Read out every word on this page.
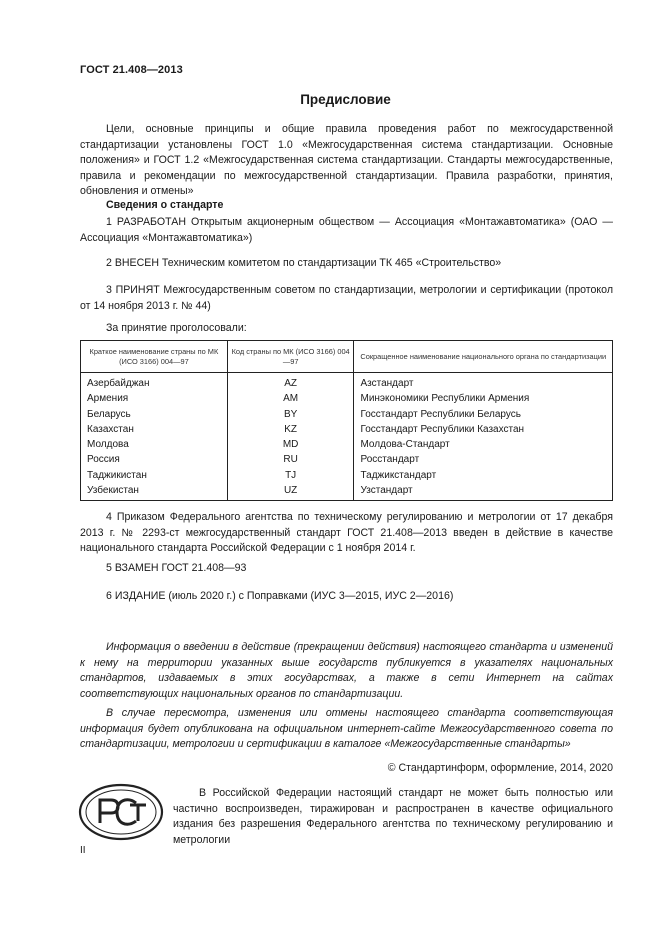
ГОСТ 21.408—2013
Предисловие
Цели, основные принципы и общие правила проведения работ по межгосударственной стандартизации установлены ГОСТ 1.0 «Межгосударственная система стандартизации. Основные положения» и ГОСТ 1.2 «Межгосударственная система стандартизации. Стандарты межгосударственные, правила и рекомендации по межгосударственной стандартизации. Правила разработки, принятия, обновления и отмены»
Сведения о стандарте
1 РАЗРАБОТАН Открытым акционерным обществом — Ассоциация «Монтажавтоматика» (ОАО — Ассоциация «Монтажавтоматика»)
2 ВНЕСЕН Техническим комитетом по стандартизации ТК 465 «Строительство»
3 ПРИНЯТ Межгосударственным советом по стандартизации, метрологии и сертификации (протокол от 14 ноября 2013 г. № 44)
За принятие проголосовали:
Краткое наименование страны по МК (ИСО 3166) 004—97	Код страны по МК (ИСО 3166) 004—97	Сокращенное наименование национального органа по стандартизации
Азербайджан	AZ	Азстандарт
Армения	AM	Минэкономики Республики Армения
Беларусь	BY	Госстандарт Республики Беларусь
Казахстан	KZ	Госстандарт Республики Казахстан
Молдова	MD	Молдова-Стандарт
Россия	RU	Росстандарт
Таджикистан	TJ	Таджикстандарт
Узбекистан	UZ	Узстандарт
4 Приказом Федерального агентства по техническому регулированию и метрологии от 17 декабря 2013 г. № 2293-ст межгосударственный стандарт ГОСТ 21.408—2013 введен в действие в качестве национального стандарта Российской Федерации с 1 ноября 2014 г.
5 ВЗАМЕН ГОСТ 21.408—93
6 ИЗДАНИЕ (июль 2020 г.) с Поправками (ИУС 3—2015, ИУС 2—2016)
Информация о введении в действие (прекращении действия) настоящего стандарта и изменений к нему на территории указанных выше государств публикуется в указателях национальных стандартов, издаваемых в этих государствах, а также в сети Интернет на сайтах соответствующих национальных органов по стандартизации.
В случае пересмотра, изменения или отмены настоящего стандарта соответствующая информация будет опубликована на официальном интернет-сайте Межгосударственного совета по стандартизации, метрологии и сертификации в каталоге «Межгосударственные стандарты»
© Стандартинформ, оформление, 2014, 2020
В Российской Федерации настоящий стандарт не может быть полностью или частично воспроизведен, тиражирован и распространен в качестве официального издания без разрешения Федерального агентства по техническому регулированию и метрологии
II
